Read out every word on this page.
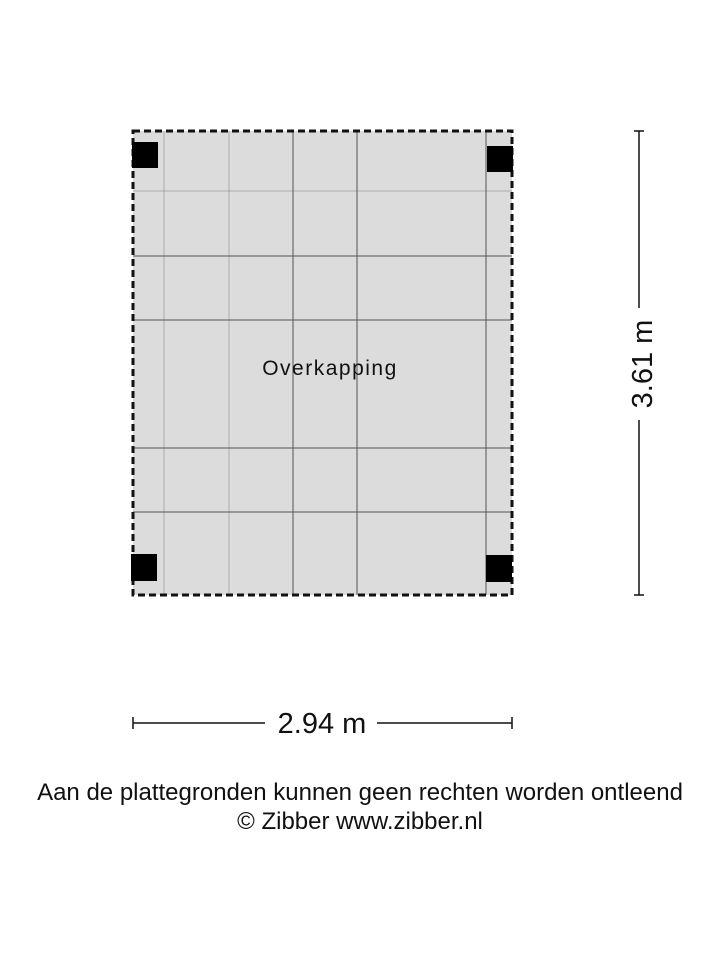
Overkapping	3.61 m
2.94 m
Aan de plattegronden kunnen geen rechten worden ontleend
© Zibber www.zibber.nl
